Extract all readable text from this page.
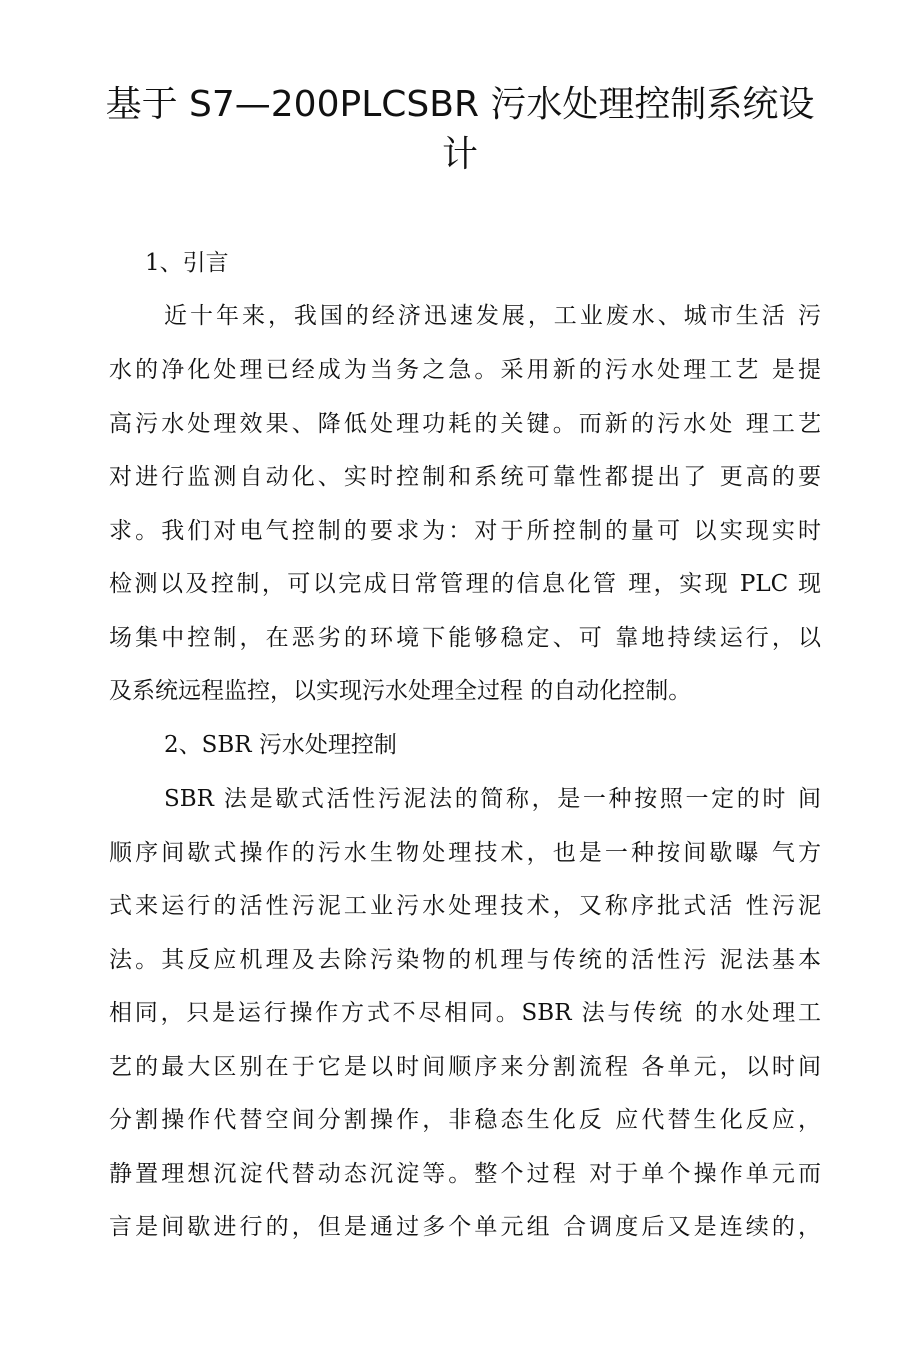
基于 S7—200PLCSBR 污水处理控制系统设计
1、引言
近十年来，我国的经济迅速发展，工业废水、城市生活 污
水的净化处理已经成为当务之急。采用新的污水处理工艺 是提
高污水处理效果、降低处理功耗的关键。而新的污水处 理工艺
对进行监测自动化、实时控制和系统可靠性都提出了 更高的要
求。我们对电气控制的要求为：对于所控制的量可 以实现实时
检测以及控制，可以完成日常管理的信息化管 理，实现 PLC 现
场集中控制，在恶劣的环境下能够稳定、可 靠地持续运行，以
及系统远程监控，以实现污水处理全过程 的自动化控制。
2、SBR 污水处理控制
SBR 法是歇式活性污泥法的简称，是一种按照一定的时 间
顺序间歇式操作的污水生物处理技术，也是一种按间歇曝 气方
式来运行的活性污泥工业污水处理技术，又称序批式活 性污泥
法。其反应机理及去除污染物的机理与传统的活性污 泥法基本
相同，只是运行操作方式不尽相同。SBR 法与传统 的水处理工
艺的最大区别在于它是以时间顺序来分割流程 各单元，以时间
分割操作代替空间分割操作，非稳态生化反 应代替生化反应，
静置理想沉淀代替动态沉淀等。整个过程 对于单个操作单元而
言是间歇进行的，但是通过多个单元组 合调度后又是连续的，
